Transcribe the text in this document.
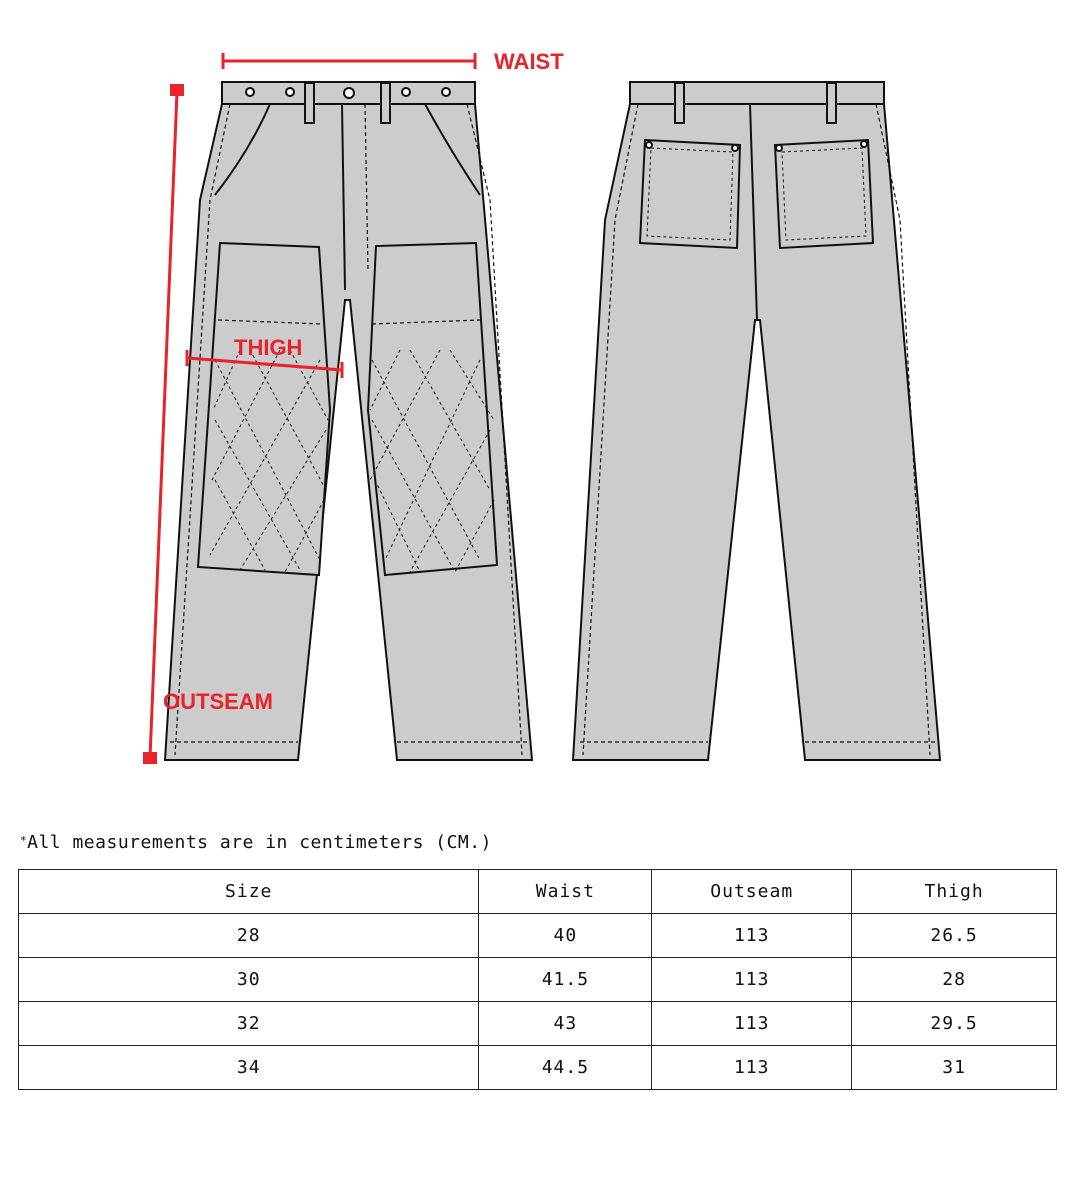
WAIST
THIGH
OUTSEAM
*All measurements are in centimeters (CM.)
Size	Waist	Outseam	Thigh
28	40	113	26.5
30	41.5	113	28
32	43	113	29.5
34	44.5	113	31
